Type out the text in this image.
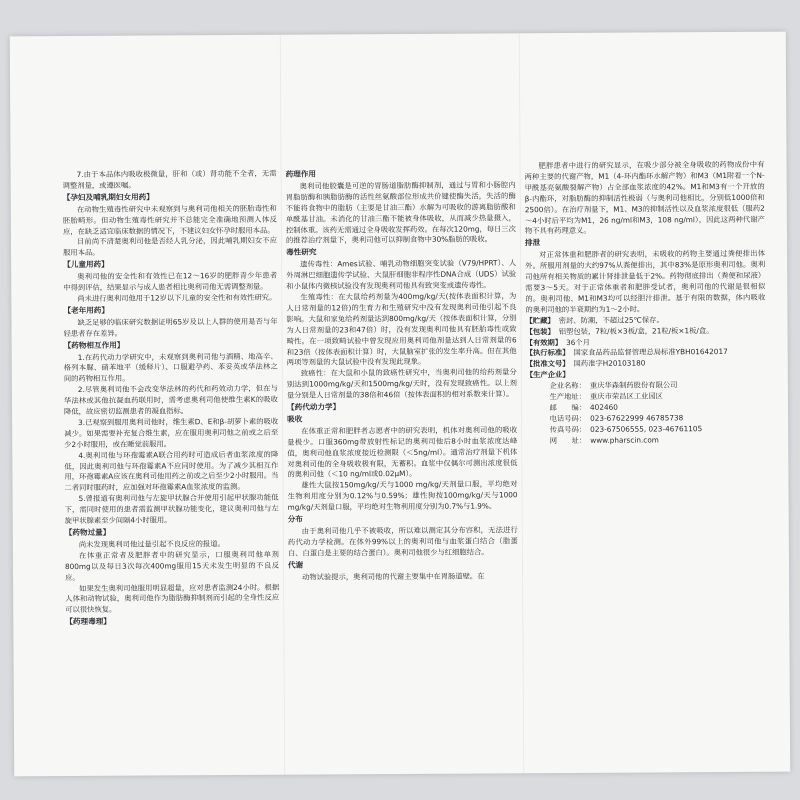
7.由于本品体内吸收极微量，肝和（或）肾功能不全者，无需调整剂量，或遵医嘱。

【 孕妇及哺乳期妇女用药 】

在动物生殖毒性研究中未观察到与奥利司他相关的胚胎毒性和胚胎畸形。但动物生殖毒性研究并不总能完全准确地预测人体反应，在缺乏适宜临床数据的情况下，不建议妇女怀孕时服用本品。

目前尚不清楚奥利司他是否经人乳分泌，因此哺乳期妇女不应服用本品。

【 儿童用药 】

奥利司他的安全性和有效性已在12～16岁的肥胖青少年患者中得到评估，结果显示与成人患者相比奥利司他无需调整剂量。

尚未进行奥利司他用于12岁以下儿童的安全性和有效性研究。

【 老年用药 】

缺乏足够的临床研究数据证明65岁及以上人群的使用是否与年轻患者存在差异。

【 药物相互作用 】

1.在药代动力学研究中，未观察到奥利司他与酒精、地高辛、格列本脲、硝苯地平（缓释片）、口服避孕药、苯妥英或华法林之间的药物相互作用。

2.尽管奥利司他不会改变华法林的药代和药效动力学，但在与华法林或其他抗凝血药联用时，需考虑奥利司他使维生素K的吸收降低，故应密切监测患者的凝血指标。

3.已观察到服用奥利司他时，维生素D、E和β-胡萝卜素的吸收减少。如果需要补充复合维生素，应在服用奥利司他之前或之后至少2小时服用，或在睡觉前服用。

4.奥利司他与环孢霉素A联合用药时可造成后者血浆浓度的降低，因此奥利司他与环孢霉素A不应同时使用。为了减少其相互作用，环孢霉素A应该在奥利司他用药之前或之后至少2小时服用。当二者同时服药时，应加强对环孢霉素A血浆浓度的监测。

5.曾报道有奥利司他与左旋甲状腺合并使用引起甲状腺功能低下，需同时使用的患者需监测甲状腺功能变化，建议奥利司他与左旋甲状腺素至少间隔4小时服用。

【 药物过量 】

尚未发现奥利司他过量引起不良反应的报道。

在体重正常者及肥胖者中的研究显示，口服奥利司他单剂800mg以及每日3次每次400mg服用15天未发生明显的不良反应。

如果发生奥利司他服用明显超量，应对患者监测24小时。根据人体和动物试验，奥利司他作为脂肪酶抑制剂而引起的全身性反应可以很快恢复。

【 药理毒理 】

药理作用

奥利司他胶囊是可逆的胃肠道脂肪酶抑制剂，通过与胃和小肠腔内胃脂肪酶和胰脂肪酶的活性丝氨酸部位形成共价键使酶失活，失活的酶不能将食物中的脂肪（主要是甘油三酯）水解为可吸收的游离脂肪酸和单酰基甘油。未消化的甘油三酯不能被身体吸收，从而减少热量摄入，控制体重。该药无需通过全身吸收发挥药效。在每次120mg，每日三次的推荐治疗剂量下，奥利司他可以抑制食物中30%脂肪的吸收。

毒性研究

遗传毒性：Ames试验、哺乳动物细胞突变试验（V79/HPRT）、人外周淋巴细胞遗传学试验、大鼠肝细胞非程序性DNA合成（UDS）试验和小鼠体内微核试验没有发现奥利司他具有致突变或遗传毒性。

生殖毒性：在大鼠给药剂量为400mg/kg/天(按体表面积计算，为人日常剂量的12倍)的生育力和生殖研究中没有发现奥利司他引起不良影响。大鼠和家兔给药剂量达到800mg/kg/天（按体表面积计算，分别为人日常剂量的23和47倍）时，没有发现奥利司他具有胚胎毒性或致畸性。在一项致畸试验中曾发现应用奥利司他剂量达到人日常剂量的6和23倍（按体表面积计算）时，大鼠脑室扩张的发生率升高。但在其他两项等剂量的大鼠试验中没有发现此现象。

致癌性：在大鼠和小鼠的致癌性研究中，当奥利司他的给药剂量分别达到1000mg/kg/天和1500mg/kg/天时，没有发现致癌性。以上剂量分别是人日常剂量的38倍和46倍（按体表面积的相对系数来计算）。

【 药代动力学 】

吸收

在体重正常和肥胖者志愿者中的研究表明，机体对奥利司他的吸收量极少。口服360mg带放射性标记的奥利司他后8小时血浆浓度达峰值，奥利司他血浆浓度接近检测限（＜5ng/ml）。通常治疗剂量下机体对奥利司他的全身吸收极有限，无蓄积。血浆中仅偶尔可测出浓度很低的奥利司他（＜10 ng/ml或0.02μM）。

雄性大鼠按150mg/kg/天与1000 mg/kg/天剂量口服，平均绝对生物利用度分别为0.12%与0.59%；雄性狗按100mg/kg/天与1000 mg/kg/天剂量口服，平均绝对生物利用度分别为0.7%与1.9%。

分布

由于奥利司他几乎不被吸收，所以难以测定其分布容积，无法进行药代动力学检测。在体外99%以上的奥利司他与血浆蛋白结合（脂蛋白、白蛋白是主要的结合蛋白）。奥利司他很少与红细胞结合。

代谢

动物试验提示，奥利司他的代谢主要集中在胃肠道壁。在

肥胖患者中进行的研究显示，在吸少部分被全身吸收的药物成份中有两种主要的代谢产物，M1（4-环内酯环水解产物）和M3（M1附着一个N-甲酰基亮氨酸裂解产物）占全部血浆浓度的42%。M1和M3有一个开放的β-内酯环，对脂肪酶的抑制活性极弱（与奥利司他相比，分别低1000倍和2500倍）。在治疗剂量下，M1、M3的抑制活性以及血浆浓度很低（服药2～4小时后平均为M1，26 ng/ml和M3，108 ng/ml），因此这两种代谢产物不具有药理意义。

排泄

对正常体重和肥胖者的研究表明，未吸收的药物主要通过粪便排出体外。所服用剂量的大约97%从粪便排出，其中83%是原形奥利司他。奥利司他所有相关物质的累计肾排泄量低于2%。药物彻底排出（粪便和尿液）需要3～5天。对于正常体重者和肥胖受试者，奥利司他的代谢是很相似的。奥利司他、M1和M3均可以经胆汁排泄。基于有限的数据，体内吸收的奥利司他的半衰期约为1～2小时。

【 贮藏 】	密封、防潮，不超过25℃保存。
【 包装 】	铝塑包装，7粒/板×3板/盒，21粒/板×1板/盒。
【 有效期 】	36个月
【 执行标准 】	国家食品药品监督管理总局标准YBH01642017
【 批准文号 】	国药准字H20103180
【 生产企业 】
企业名称： 重庆华森制药股份有限公司
生产地址： 重庆市荣昌区工业园区
邮　　编： 402460
电话号码： 023-67622999 46785738
传真号码： 023-67506555, 023-46761105
网　　址： www.pharscin.com
